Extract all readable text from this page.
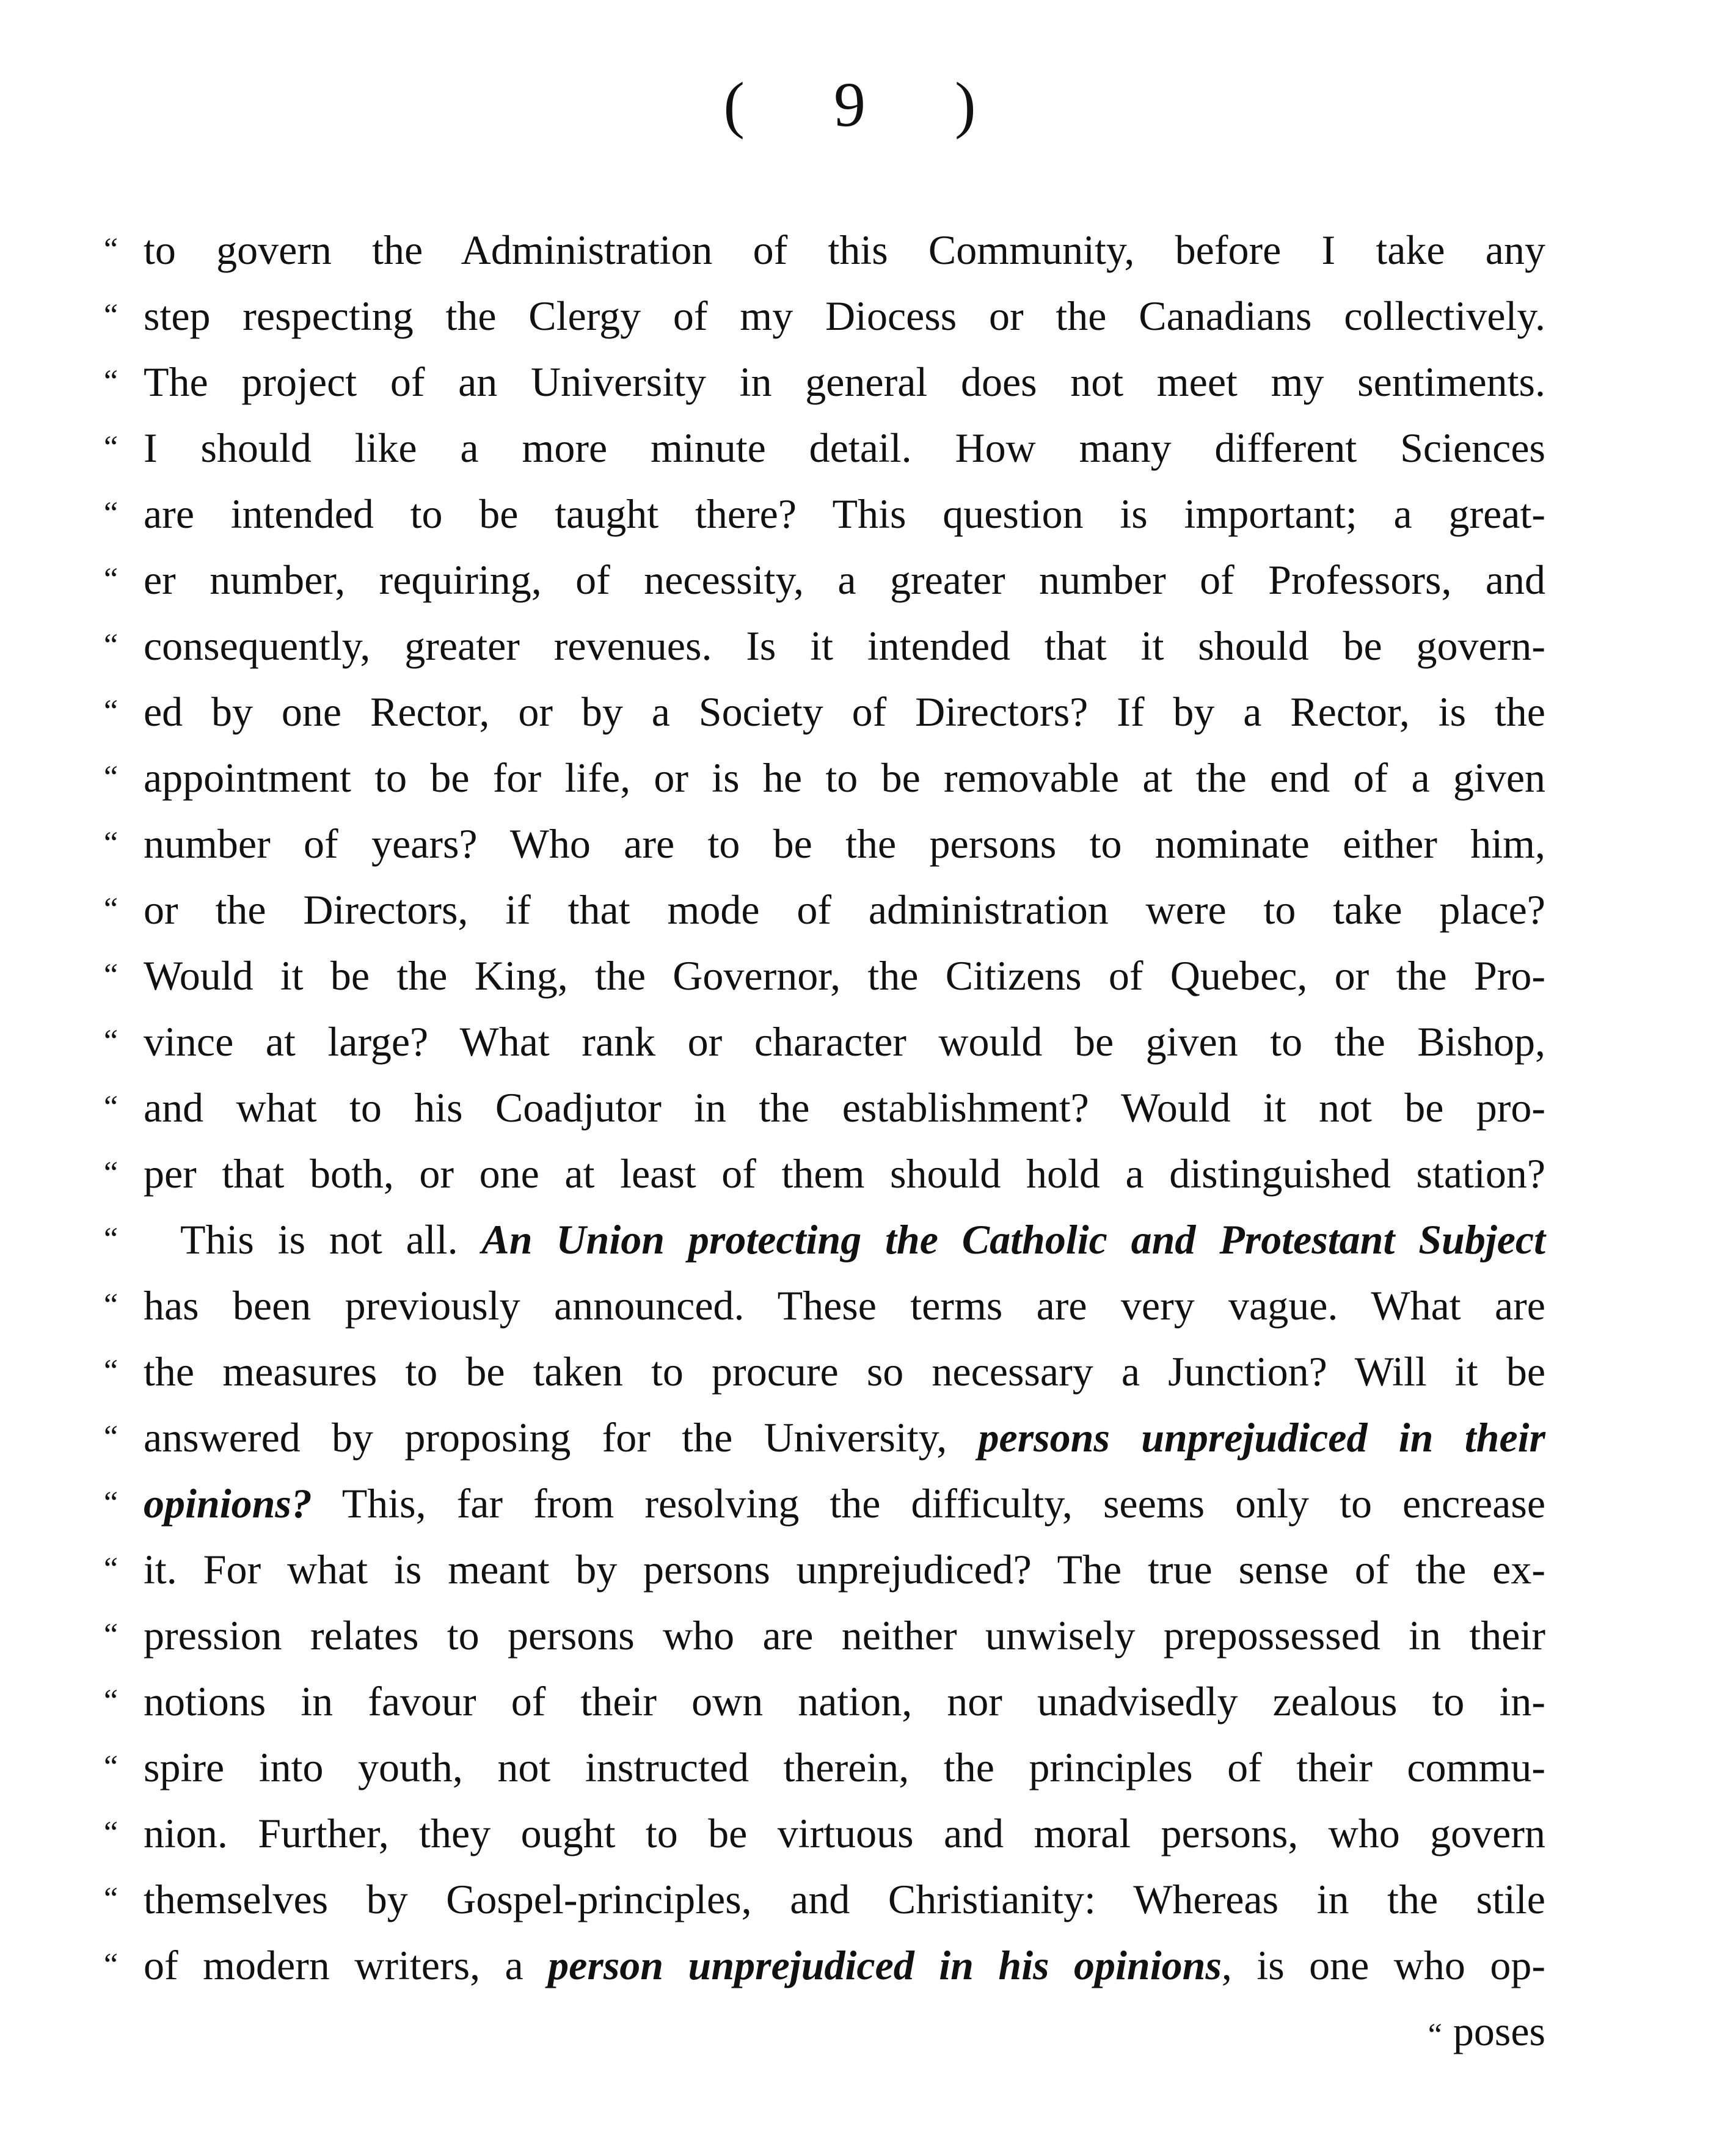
( 9 )
“ to govern the Administration of this Community, before I take any
“ step respecting the Clergy of my Diocess or the Canadians collectively.
“ The project of an University in general does not meet my sentiments.
“ I should like a more minute detail. How many different Sciences
“ are intended to be taught there? This question is important; a great-
“ er number, requiring, of necessity, a greater number of Professors, and
“ consequently, greater revenues. Is it intended that it should be govern-
“ ed by one Rector, or by a Society of Directors? If by a Rector, is the
“ appointment to be for life, or is he to be removable at the end of a given
“ number of years? Who are to be the persons to nominate either him,
“ or the Directors, if that mode of administration were to take place?
“ Would it be the King, the Governor, the Citizens of Quebec, or the Pro-
“ vince at large? What rank or character would be given to the Bishop,
“ and what to his Coadjutor in the establishment? Would it not be pro-
“ per that both, or one at least of them should hold a distinguished station?
“	This is not all. An Union protecting the Catholic and Protestant Subject
“ has been previously announced. These terms are very vague. What are
“ the measures to be taken to procure so necessary a Junction? Will it be
“ answered by proposing for the University, persons unprejudiced in their
“ opinions? This, far from resolving the difficulty, seems only to encrease
“ it. For what is meant by persons unprejudiced? The true sense of the ex-
“ pression relates to persons who are neither unwisely prepossessed in their
“ notions in favour of their own nation, nor unadvisedly zealous to in-
“ spire into youth, not instructed therein, the principles of their commu-
“ nion. Further, they ought to be virtuous and moral persons, who govern
“ themselves by Gospel-principles, and Christianity: Whereas in the stile
“ of modern writers, a person unprejudiced in his opinions, is one who op-
“ poses
